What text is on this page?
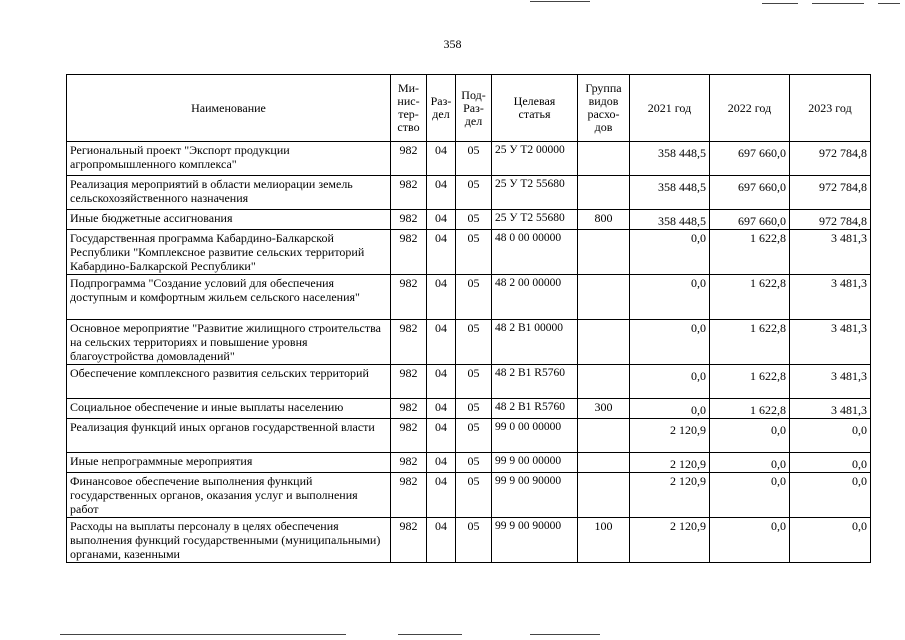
358
Наименование	Ми-
нис-
тер-
ство	Раз-
дел	Под-
Раз-
дел	Целевая
статья	Группа
видов
расхо-
дов	2021 год	2022 год	2023 год
Региональный проект "Экспорт продукции агропромышленного комплекса"	982	04	05	25 У Т2 00000		358 448,5	697 660,0	972 784,8
Реализация мероприятий в области мелиорации земель сельскохозяйственного назначения	982	04	05	25 У Т2 55680		358 448,5	697 660,0	972 784,8
Иные бюджетные ассигнования	982	04	05	25 У Т2 55680	800	358 448,5	697 660,0	972 784,8
Государственная программа Кабардино-Балкарской Республики "Комплексное развитие сельских территорий Кабардино-Балкарской Республики"	982	04	05	48 0 00 00000		0,0	1 622,8	3 481,3
Подпрограмма "Создание условий для обеспечения доступным и комфортным жильем сельского населения"	982	04	05	48 2 00 00000		0,0	1 622,8	3 481,3
Основное мероприятие "Развитие жилищного строительства на сельских территориях и повышение уровня благоустройства домовладений"	982	04	05	48 2 В1 00000		0,0	1 622,8	3 481,3
Обеспечение комплексного развития сельских территорий	982	04	05	48 2 В1 R5760		0,0	1 622,8	3 481,3
Социальное обеспечение и иные выплаты населению	982	04	05	48 2 В1 R5760	300	0,0	1 622,8	3 481,3
Реализация функций иных органов государственной власти	982	04	05	99 0 00 00000		2 120,9	0,0	0,0
Иные непрограммные мероприятия	982	04	05	99 9 00 00000		2 120,9	0,0	0,0
Финансовое обеспечение выполнения функций государственных органов, оказания услуг и выполнения работ	982	04	05	99 9 00 90000		2 120,9	0,0	0,0
Расходы на выплаты персоналу в целях обеспечения выполнения функций государственными (муниципальными) органами, казенными	982	04	05	99 9 00 90000	100	2 120,9	0,0	0,0
